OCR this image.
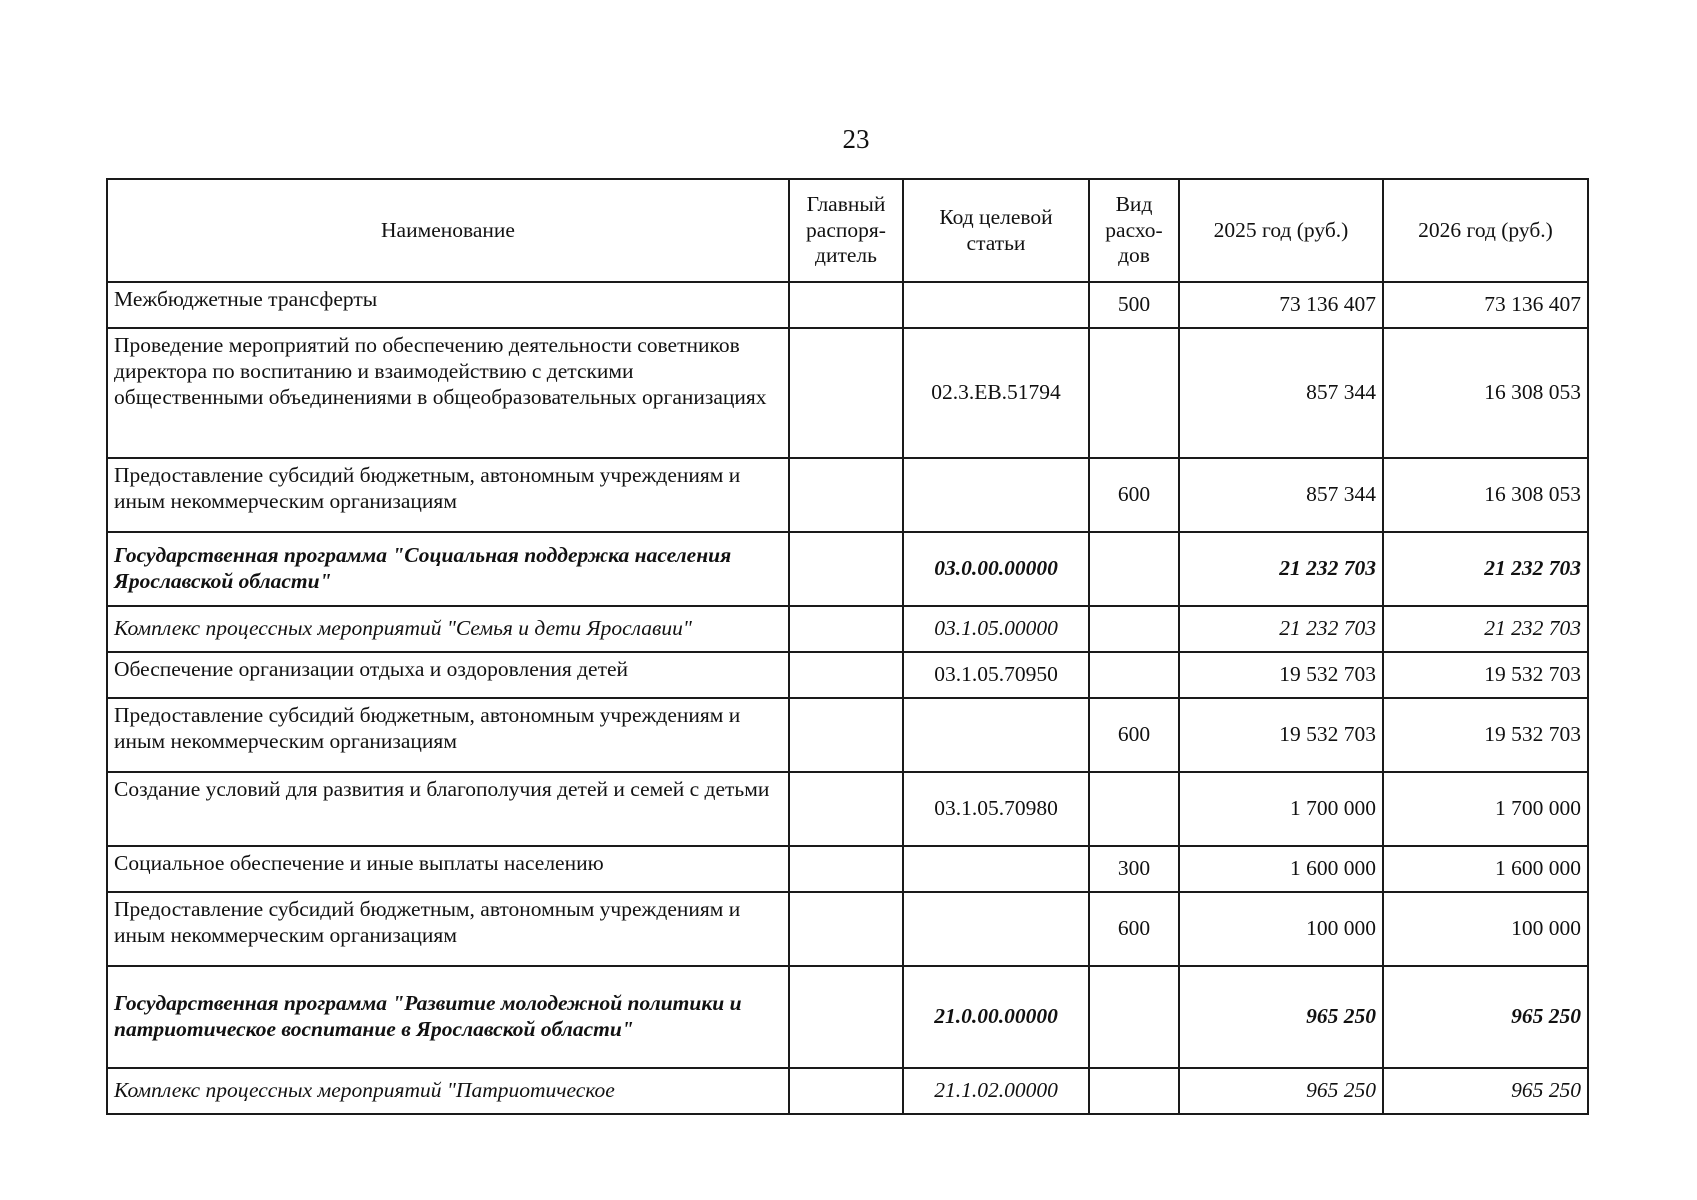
23
Наименование	Главный распоря-дитель	Код целевой статьи	Вид расхо-дов	2025 год (руб.)	2026 год (руб.)
Межбюджетные трансферты			500	73 136 407	73 136 407
Проведение мероприятий по обеспечению деятельности советников директора по воспитанию и взаимодействию с детскими общественными объединениями в общеобразовательных организациях		02.3.ЕВ.51794		857 344	16 308 053
Предоставление субсидий бюджетным, автономным учреждениям и иным некоммерческим организациям			600	857 344	16 308 053
Государственная программа "Социальная поддержка населения Ярославской области"		03.0.00.00000		21 232 703	21 232 703
Комплекс процессных мероприятий "Семья и дети Ярославии"		03.1.05.00000		21 232 703	21 232 703
Обеспечение организации отдыха и оздоровления детей		03.1.05.70950		19 532 703	19 532 703
Предоставление субсидий бюджетным, автономным учреждениям и иным некоммерческим организациям			600	19 532 703	19 532 703
Создание условий для развития и благополучия детей и семей с детьми		03.1.05.70980		1 700 000	1 700 000
Социальное обеспечение и иные выплаты населению			300	1 600 000	1 600 000
Предоставление субсидий бюджетным, автономным учреждениям и иным некоммерческим организациям			600	100 000	100 000
Государственная программа "Развитие молодежной политики и патриотическое воспитание в Ярославской области"		21.0.00.00000		965 250	965 250
Комплекс процессных мероприятий "Патриотическое		21.1.02.00000		965 250	965 250
